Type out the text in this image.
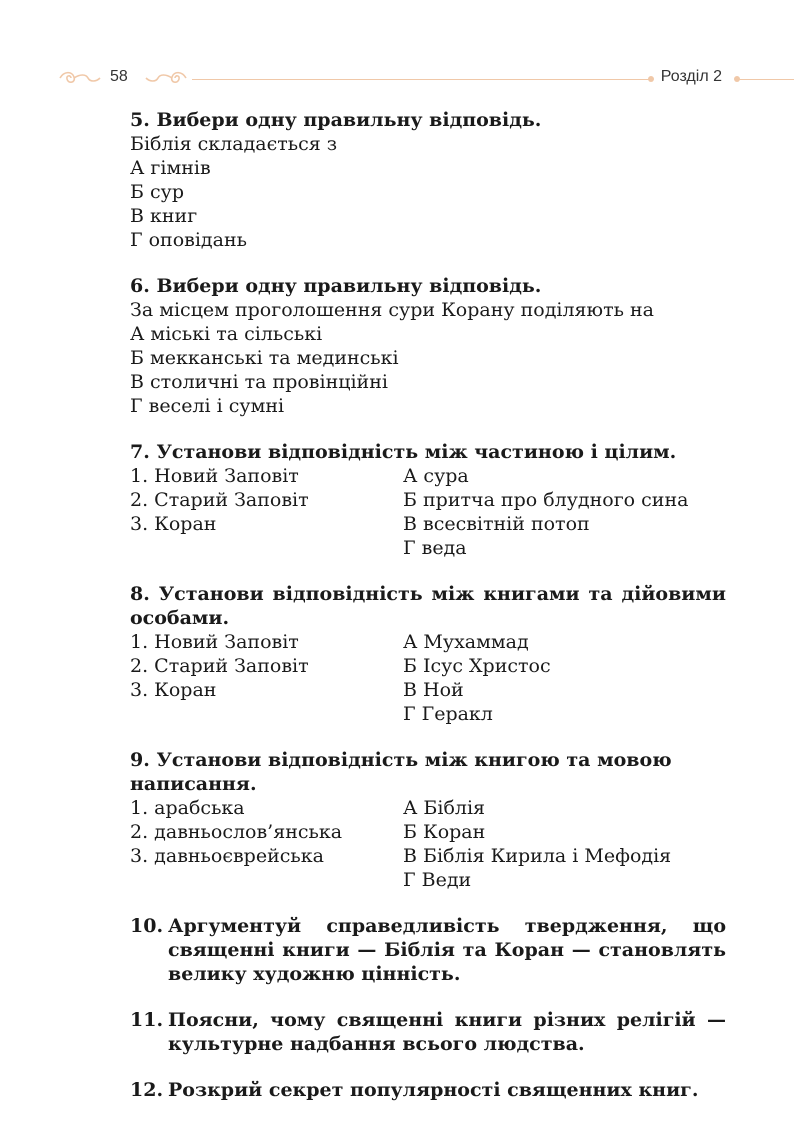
58	Розділ 2
5. Вибери одну правильну відповідь.
Біблія складається з
А гімнів
Б сур
В книг
Г оповідань
6. Вибери одну правильну відповідь.
За місцем проголошення сури Корану поділяють на
А міські та сільські
Б мекканські та мединські
В столичні та провінційні
Г веселі і сумні
7. Установи відповідність між частиною і цілим.
1. Новий Заповіт	А сура
2. Старий Заповіт	Б притча про блудного сина
3. Коран	В всесвітній потоп
Г веда
8. Установи відповідність між книгами та дійовими особами.
1. Новий Заповіт	А Мухаммад
2. Старий Заповіт	Б Ісус Христос
3. Коран	В Ной
Г Геракл
9. Установи відповідність між книгою та мовою написання.
1. арабська	А Біблія
2. давньослов’янська	Б Коран
3. давньоєврейська	В Біблія Кирила і Мефодія
Г Веди
10. Аргументуй справедливість твердження, що священні книги — Біблія та Коран — становлять велику художню цінність.
11. Поясни, чому священні книги різних релігій — культурне надбання всього людства.
12. Розкрий секрет популярності священних книг.
